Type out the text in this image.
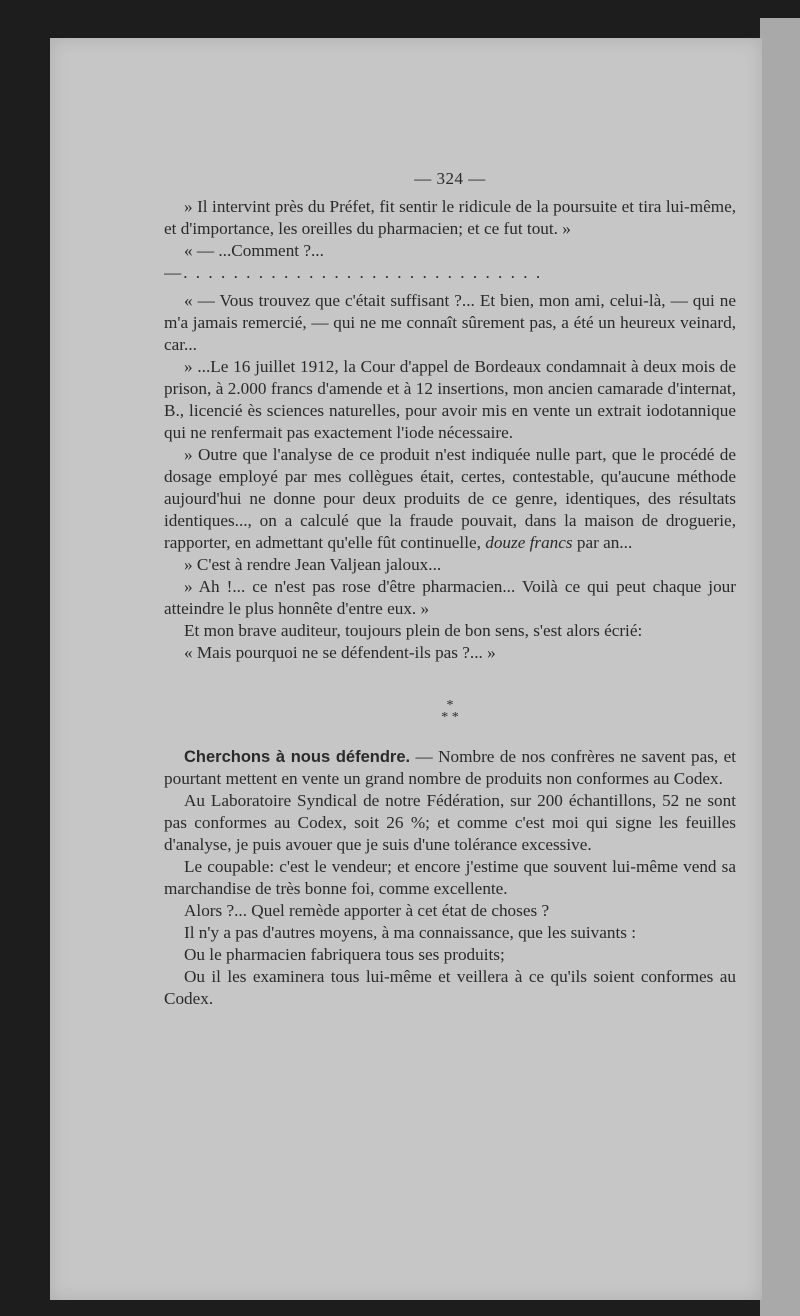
— 324 —

» Il intervint près du Préfet, fit sentir le ridicule de la poursuite et tira lui-même, et d'importance, les oreilles du pharmacien; et ce fut tout. »

« — ...Comment ?...

—. . . . . . . . . . . . . . . . . . . . . . . . . . . . .

« — Vous trouvez que c'était suffisant ?... Et bien, mon ami, celui-là, — qui ne m'a jamais remercié, — qui ne me connaît sûrement pas, a été un heureux veinard, car...

» ...Le 16 juillet 1912, la Cour d'appel de Bordeaux condamnait à deux mois de prison, à 2.000 francs d'amende et à 12 insertions, mon ancien camarade d'internat, B., licencié ès sciences naturelles, pour avoir mis en vente un extrait iodotannique qui ne renfermait pas exactement l'iode nécessaire.

» Outre que l'analyse de ce produit n'est indiquée nulle part, que le procédé de dosage employé par mes collègues était, certes, contestable, qu'aucune méthode aujourd'hui ne donne pour deux produits de ce genre, identiques, des résultats identiques..., on a calculé que la fraude pouvait, dans la maison de droguerie, rapporter, en admettant qu'elle fût continuelle, douze francs par an...

» C'est à rendre Jean Valjean jaloux...

» Ah !... ce n'est pas rose d'être pharmacien... Voilà ce qui peut chaque jour atteindre le plus honnête d'entre eux. »

Et mon brave auditeur, toujours plein de bon sens, s'est alors écrié:

« Mais pourquoi ne se défendent-ils pas ?... »

*
* *

Cherchons à nous défendre. — Nombre de nos confrères ne savent pas, et pourtant mettent en vente un grand nombre de produits non conformes au Codex.

Au Laboratoire Syndical de notre Fédération, sur 200 échantillons, 52 ne sont pas conformes au Codex, soit 26 %; et comme c'est moi qui signe les feuilles d'analyse, je puis avouer que je suis d'une tolérance excessive.

Le coupable: c'est le vendeur; et encore j'estime que souvent lui-même vend sa marchandise de très bonne foi, comme excellente.

Alors ?... Quel remède apporter à cet état de choses ?

Il n'y a pas d'autres moyens, à ma connaissance, que les suivants :

Ou le pharmacien fabriquera tous ses produits;

Ou il les examinera tous lui-même et veillera à ce qu'ils soient conformes au Codex.
